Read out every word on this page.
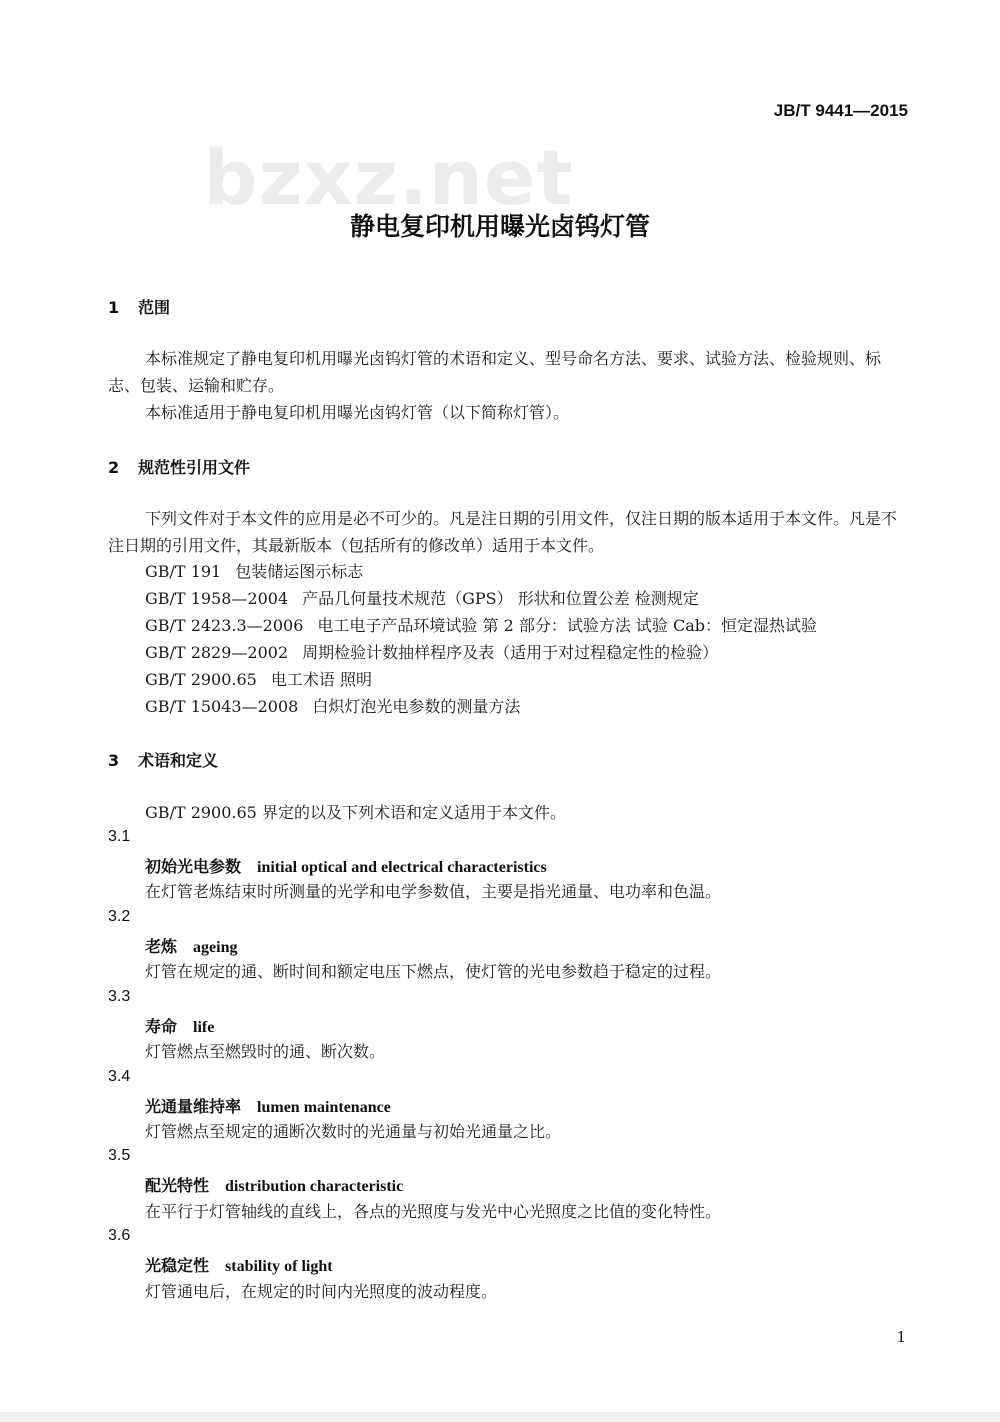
bzxz.net
JB/T 9441—2015
静电复印机用曝光卤钨灯管
1 范围
本标准规定了静电复印机用曝光卤钨灯管的术语和定义、型号命名方法、要求、试验方法、检验规则、标志、包装、运输和贮存。
本标准适用于静电复印机用曝光卤钨灯管（以下简称灯管）。
2 规范性引用文件
下列文件对于本文件的应用是必不可少的。凡是注日期的引用文件，仅注日期的版本适用于本文件。凡是不注日期的引用文件，其最新版本（包括所有的修改单）适用于本文件。
GB/T 191 包装储运图示标志
GB/T 1958—2004 产品几何量技术规范（GPS） 形状和位置公差 检测规定
GB/T 2423.3—2006 电工电子产品环境试验 第 2 部分：试验方法 试验 Cab：恒定湿热试验
GB/T 2829—2002 周期检验计数抽样程序及表（适用于对过程稳定性的检验）
GB/T 2900.65 电工术语 照明
GB/T 15043—2008 白炽灯泡光电参数的测量方法
3 术语和定义
GB/T 2900.65 界定的以及下列术语和定义适用于本文件。
3.1
初始光电参数 initial optical and electrical characteristics
在灯管老炼结束时所测量的光学和电学参数值，主要是指光通量、电功率和色温。
3.2
老炼 ageing
灯管在规定的通、断时间和额定电压下燃点，使灯管的光电参数趋于稳定的过程。
3.3
寿命 life
灯管燃点至燃毁时的通、断次数。
3.4
光通量维持率 lumen maintenance
灯管燃点至规定的通断次数时的光通量与初始光通量之比。
3.5
配光特性 distribution characteristic
在平行于灯管轴线的直线上，各点的光照度与发光中心光照度之比值的变化特性。
3.6
光稳定性 stability of light
灯管通电后，在规定的时间内光照度的波动程度。
1
